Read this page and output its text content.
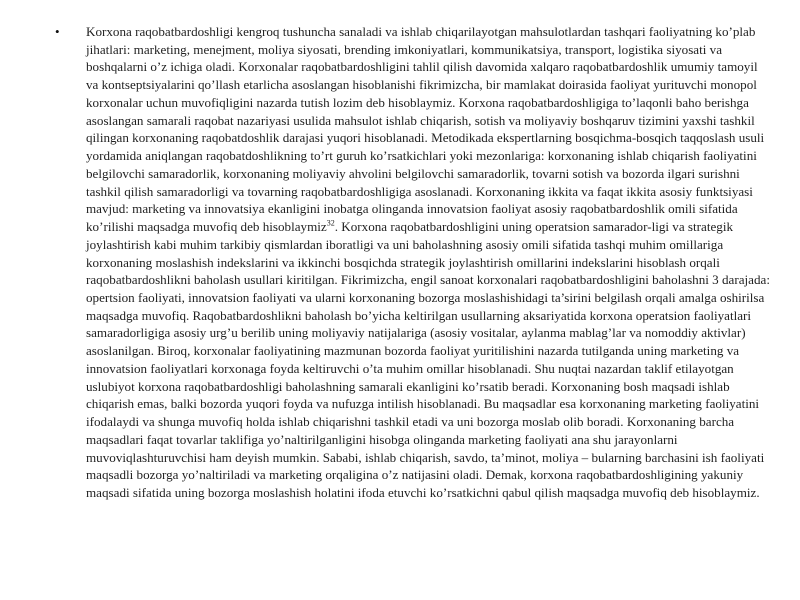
•	Korxona raqobatbardoshligi kengroq tushuncha sanaladi va ishlab chiqarilayotgan mahsulotlardan tashqari faoliyatning ko’plab jihatlari: marketing, menejment, moliya siyosati, brending imkoniyatlari, kommunikatsiya, transport, logistika siyosati va boshqalarni o’z ichiga oladi. Korxonalar raqobatbardoshligini tahlil qilish davomida xalqaro raqobatbardoshlik umumiy tamoyil va kontseptsiyalarini qo’llash etarlicha asoslangan hisoblanishi fikrimizcha, bir mamlakat doirasida faoliyat yurituvchi monopol korxonalar uchun muvofiqligini nazarda tutish lozim deb hisoblaymiz. Korxona raqobatbardoshligiga to’laqonli baho berishga asoslangan samarali raqobat nazariyasi usulida mahsulot ishlab chiqarish, sotish va moliyaviy boshqaruv tizimini yaxshi tashkil qilingan korxonaning raqobatdoshlik darajasi yuqori hisoblanadi. Metodikada ekspertlarning bosqichma-bosqich taqqoslash usuli yordamida aniqlangan raqobatdoshlikning to’rt guruh ko’rsatkichlari yoki mezonlariga: korxonaning ishlab chiqarish faoliyatini belgilovchi samaradorlik, korxonaning moliyaviy ahvolini belgilovchi samaradorlik, tovarni sotish va bozorda ilgari surishni tashkil qilish samaradorligi va tovarning raqobatbardoshligiga asoslanadi. Korxonaning ikkita va faqat ikkita asosiy funktsiyasi mavjud: marketing va innovatsiya ekanligini inobatga olinganda innovatsion faoliyat asosiy raqobatbardoshlik omili sifatida ko’rilishi maqsadga muvofiq deb hisoblaymiz$^{32}$. Korxona raqobatbardoshligini uning operatsion samarador-ligi va strategik joylashtirish kabi muhim tarkibiy qismlardan iboratligi va uni baholashning asosiy omili sifatida tashqi muhim omillariga korxonaning moslashish indekslarini va ikkinchi bosqichda strategik joylashtirish omillarini indekslarini hisoblash orqali raqobatbardoshlikni baholash usullari kiritilgan. Fikrimizcha, engil sanoat korxonalari raqobatbardoshligini baholashni 3 darajada: opertsion faoliyati, innovatsion faoliyati va ularni korxonaning bozorga moslashishidagi ta’sirini belgilash orqali amalga oshirilsa maqsadga muvofiq. Raqobatbardoshlikni baholash bo’yicha keltirilgan usullarning aksariyatida korxona operatsion faoliyatlari samaradorligiga asosiy urg’u berilib uning moliyaviy natijalariga (asosiy vositalar, aylanma mablag’lar va nomoddiy aktivlar) asoslanilgan. Biroq, korxonalar faoliyatining mazmunan bozorda faoliyat yuritilishini nazarda tutilganda uning marketing va innovatsion faoliyatlari korxonaga foyda keltiruvchi o’ta muhim omillar hisoblanadi. Shu nuqtai nazardan taklif etilayotgan uslubiyot korxona raqobatbardoshligi baholashning samarali ekanligini ko’rsatib beradi. Korxonaning bosh maqsadi ishlab chiqarish emas, balki bozorda yuqori foyda va nufuzga intilish hisoblanadi. Bu maqsadlar esa korxonaning marketing faoliyatini ifodalaydi va shunga muvofiq holda ishlab chiqarishni tashkil etadi va uni bozorga moslab olib boradi. Korxonaning barcha maqsadlari faqat tovarlar taklifiga yo’naltirilganligini hisobga olinganda marketing faoliyati ana shu jarayonlarni muvoviqlashturuvchisi ham deyish mumkin. Sababi, ishlab chiqarish, savdo, ta’minot, moliya – bularning barchasini ish faoliyati maqsadli bozorga yo’naltiriladi va marketing orqaligina o’z natijasini oladi. Demak, korxona raqobatbardoshligining yakuniy maqsadi sifatida uning bozorga moslashish holatini ifoda etuvchi ko’rsatkichni qabul qilish maqsadga muvofiq deb hisoblaymiz.
